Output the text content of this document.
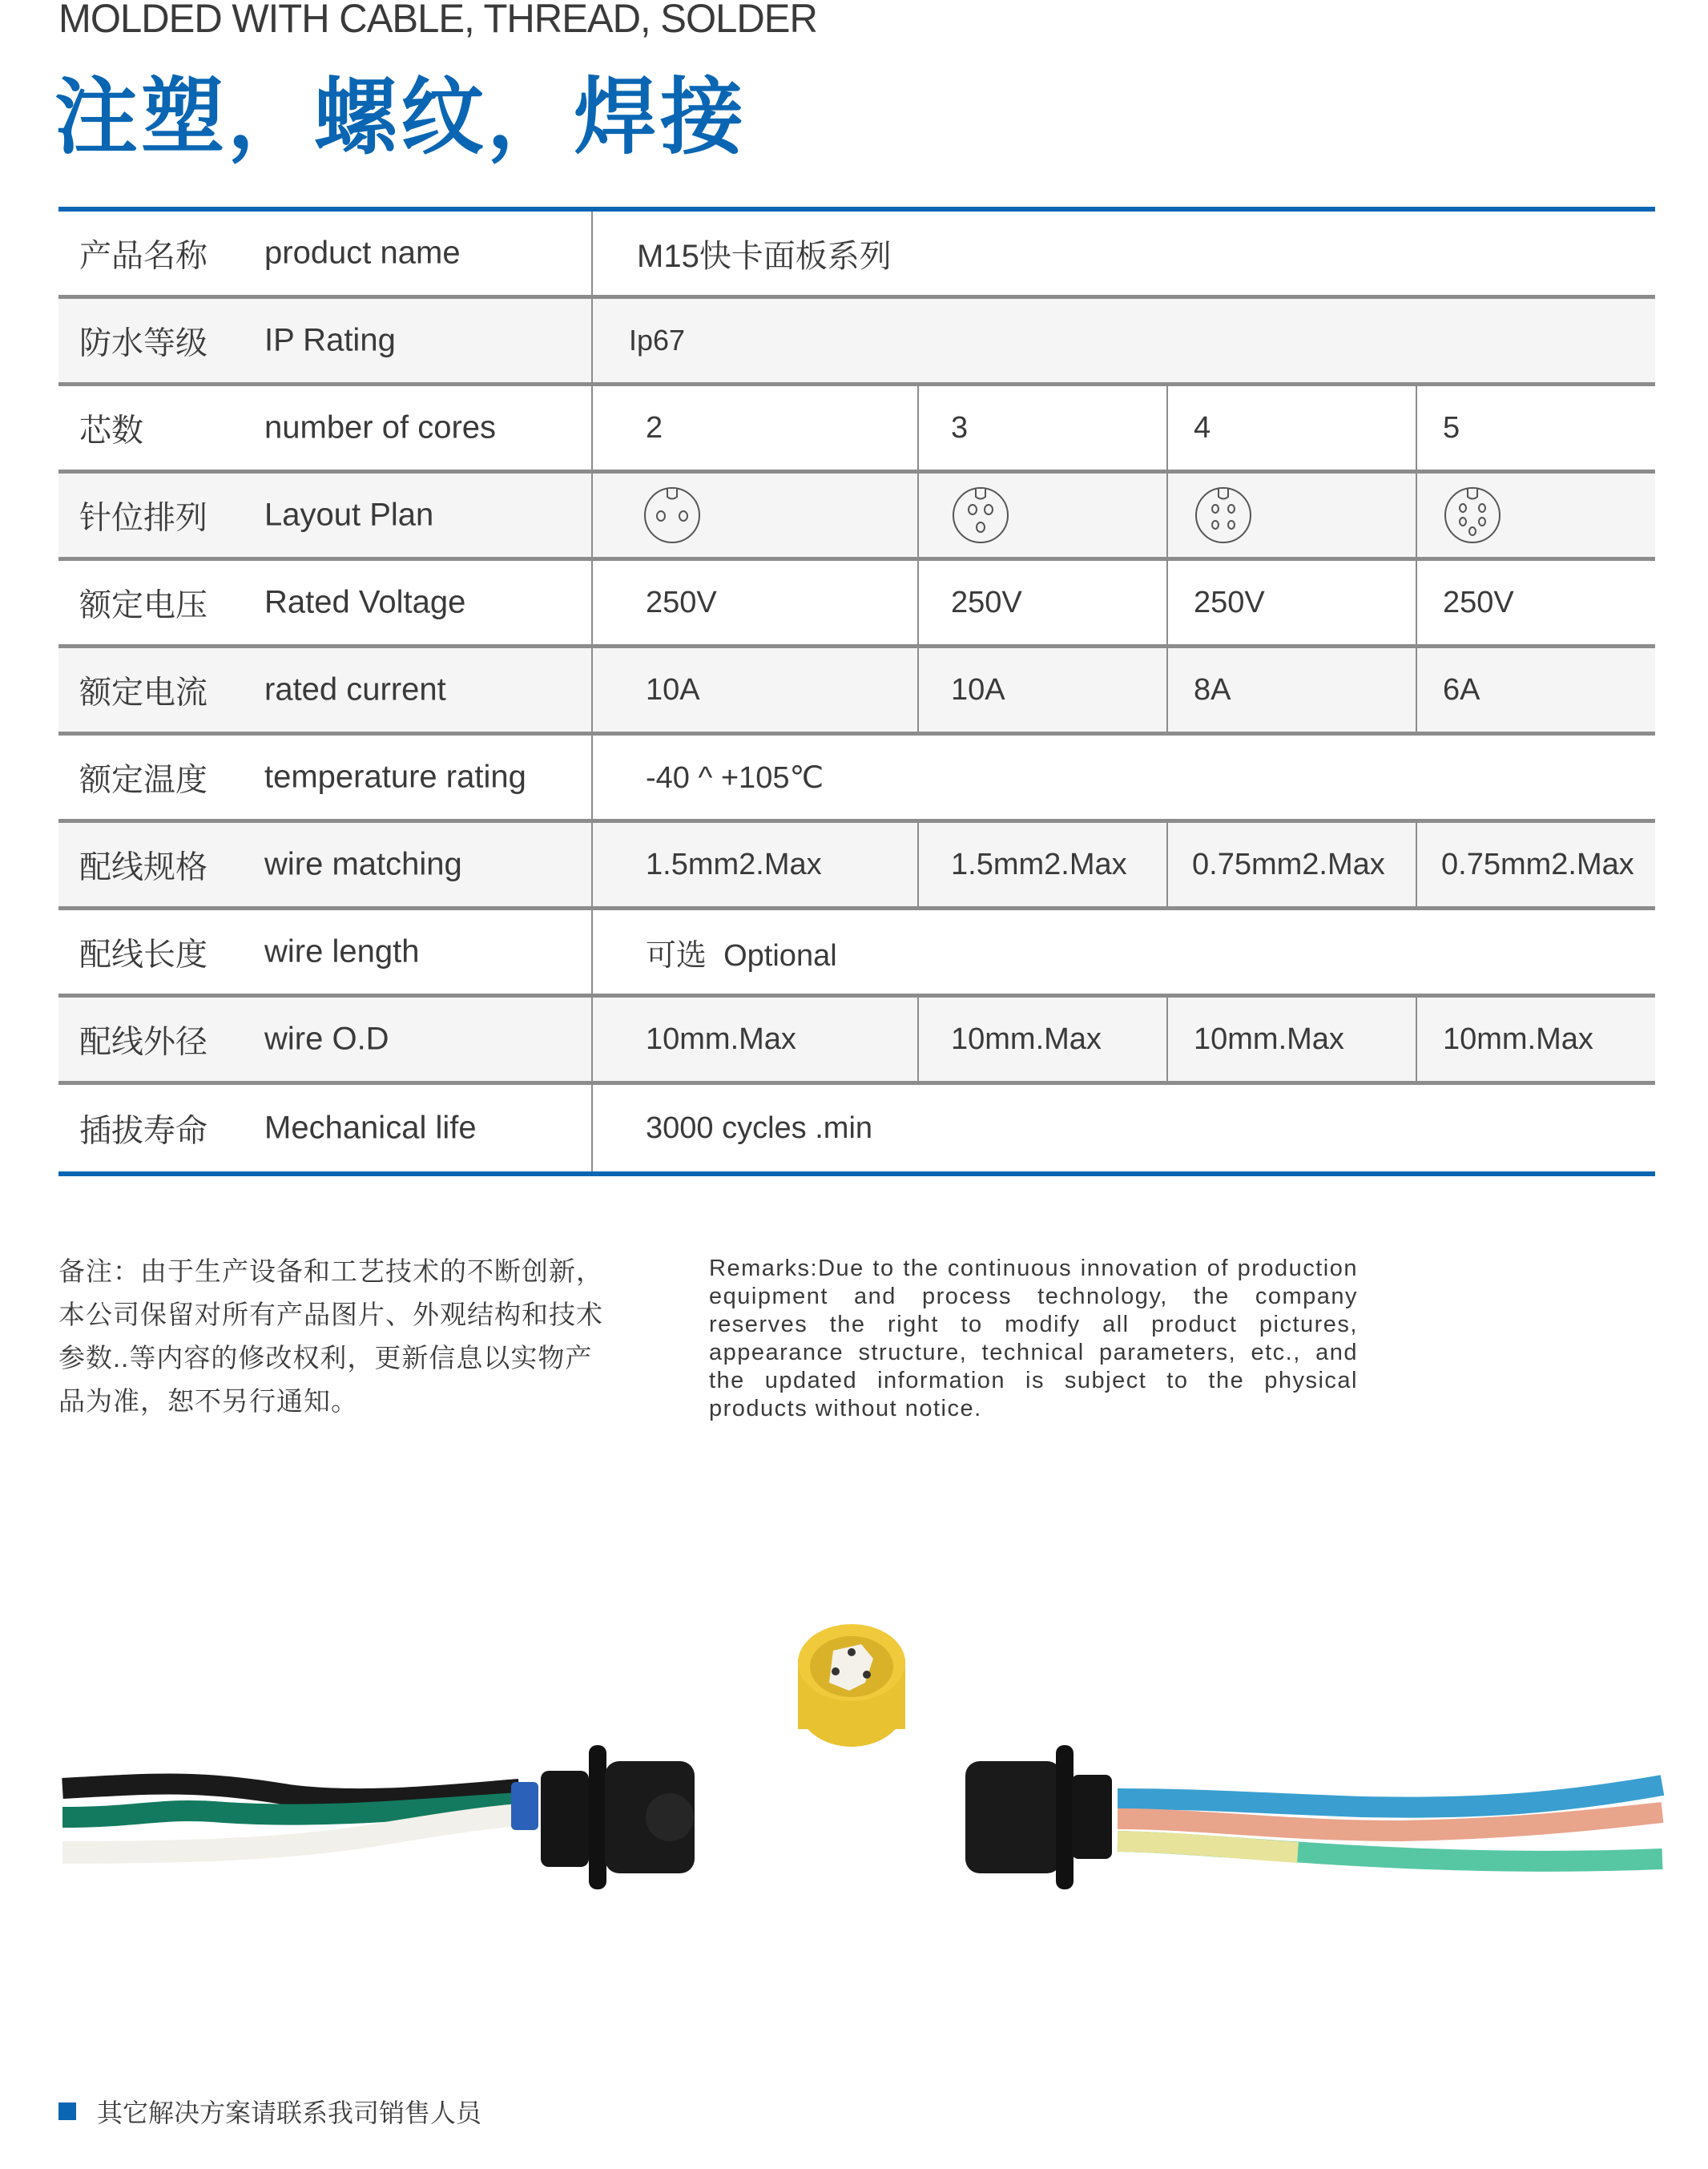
MOLDED WITH CABLE, THREAD, SOLDER
注塑，螺纹，焊接
产品名称 product name	M15快卡面板系列
防水等级 IP Rating	Ip67
芯数	number of cores	2	3	4	5
针位排列 Layout Plan
额定电压 Rated Voltage	250V	250V	250V	250V
额定电流 rated current	10A	10A	8A	6A
额定温度 temperature rating	-40 ^ +105℃
配线规格 wire matching	1.5mm2.Max	1.5mm2.Max	0.75mm2.Max	0.75mm2.Max
配线长度 wire length	可选  Optional
配线外径 wire O.D	10mm.Max	10mm.Max	10mm.Max	10mm.Max
插拔寿命 Mechanical life	3000 cycles .min
备注：由于生产设备和工艺技术的不断创新，本公司保留对所有产品图片、外观结构和技术参数..等内容的修改权利，更新信息以实物产品为准，恕不另行通知。
Remarks:Due to the continuous innovation of production equipment and process technology, the company reserves the right to modify all product pictures, appearance structure, technical parameters, etc., and the updated information is subject to the physical products without notice.
其它解决方案请联系我司销售人员
